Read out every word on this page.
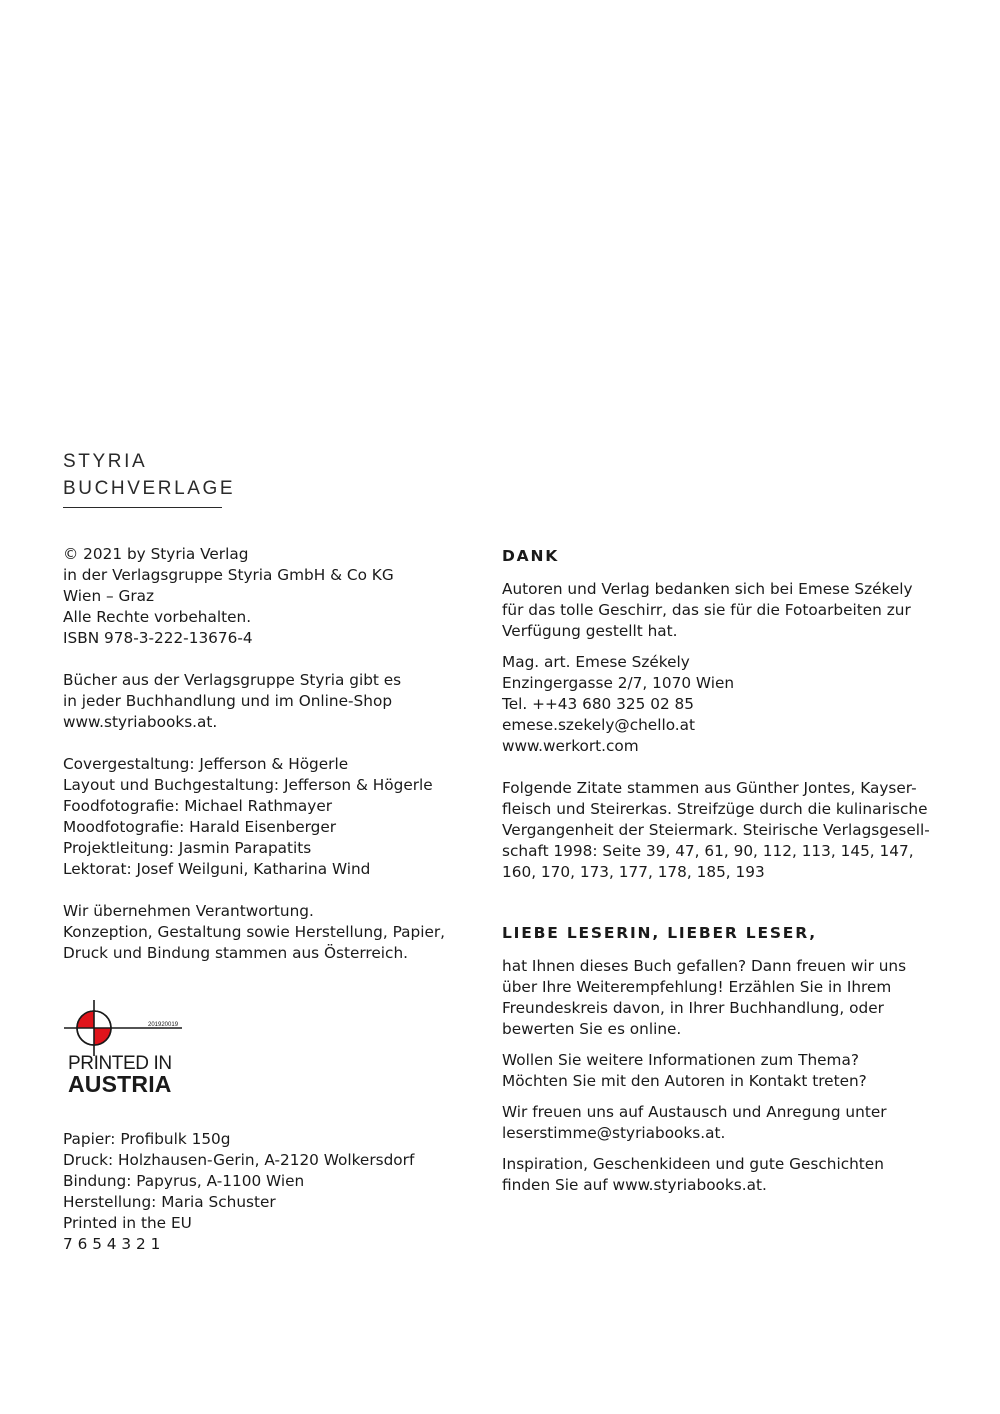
STYRIA
BUCHVERLAGE

© 2021 by Styria Verlag

in der Verlagsgruppe Styria GmbH & Co KG

Wien – Graz

Alle Rechte vorbehalten.

ISBN 978-3-222-13676-4

Bücher aus der Verlagsgruppe Styria gibt es

in jeder Buchhandlung und im Online-Shop

www.styriabooks.at.

Covergestaltung: Jefferson & Högerle

Layout und Buchgestaltung: Jefferson & Högerle

Foodfotografie: Michael Rathmayer

Moodfotografie: Harald Eisenberger

Projektleitung: Jasmin Parapatits

Lektorat: Josef Weilguni, Katharina Wind

Wir übernehmen Verantwortung.

Konzeption, Gestaltung sowie Herstellung, Papier,

Druck und Bindung stammen aus Österreich.

201920019
PRINTED IN
AUSTRIA

Papier: Profibulk 150g

Druck: Holzhausen-Gerin, A-2120 Wolkersdorf

Bindung: Papyrus, A-1100 Wien

Herstellung: Maria Schuster

Printed in the EU

7 6 5 4 3 2 1

DANK

Autoren und Verlag bedanken sich bei Emese Székely

für das tolle Geschirr, das sie für die Fotoarbeiten zur

Verfügung gestellt hat.

Mag. art. Emese Székely

Enzingergasse 2/7, 1070 Wien

Tel. ++43 680 325 02 85

emese.szekely@chello.at

www.werkort.com

Folgende Zitate stammen aus Günther Jontes, Kayser-

fleisch und Steirerkas. Streifzüge durch die kulinarische

Vergangenheit der Steiermark. Steirische Verlagsgesell-

schaft 1998: Seite 39, 47, 61, 90, 112, 113, 145, 147,

160, 170, 173, 177, 178, 185, 193

LIEBE LESERIN, LIEBER LESER,

hat Ihnen dieses Buch gefallen? Dann freuen wir uns

über Ihre Weiterempfehlung! Erzählen Sie in Ihrem

Freundeskreis davon, in Ihrer Buchhandlung, oder

bewerten Sie es online.

Wollen Sie weitere Informationen zum Thema?

Möchten Sie mit den Autoren in Kontakt treten?

Wir freuen uns auf Austausch und Anregung unter

leserstimme@styriabooks.at.

Inspiration, Geschenkideen und gute Geschichten

finden Sie auf www.styriabooks.at.
